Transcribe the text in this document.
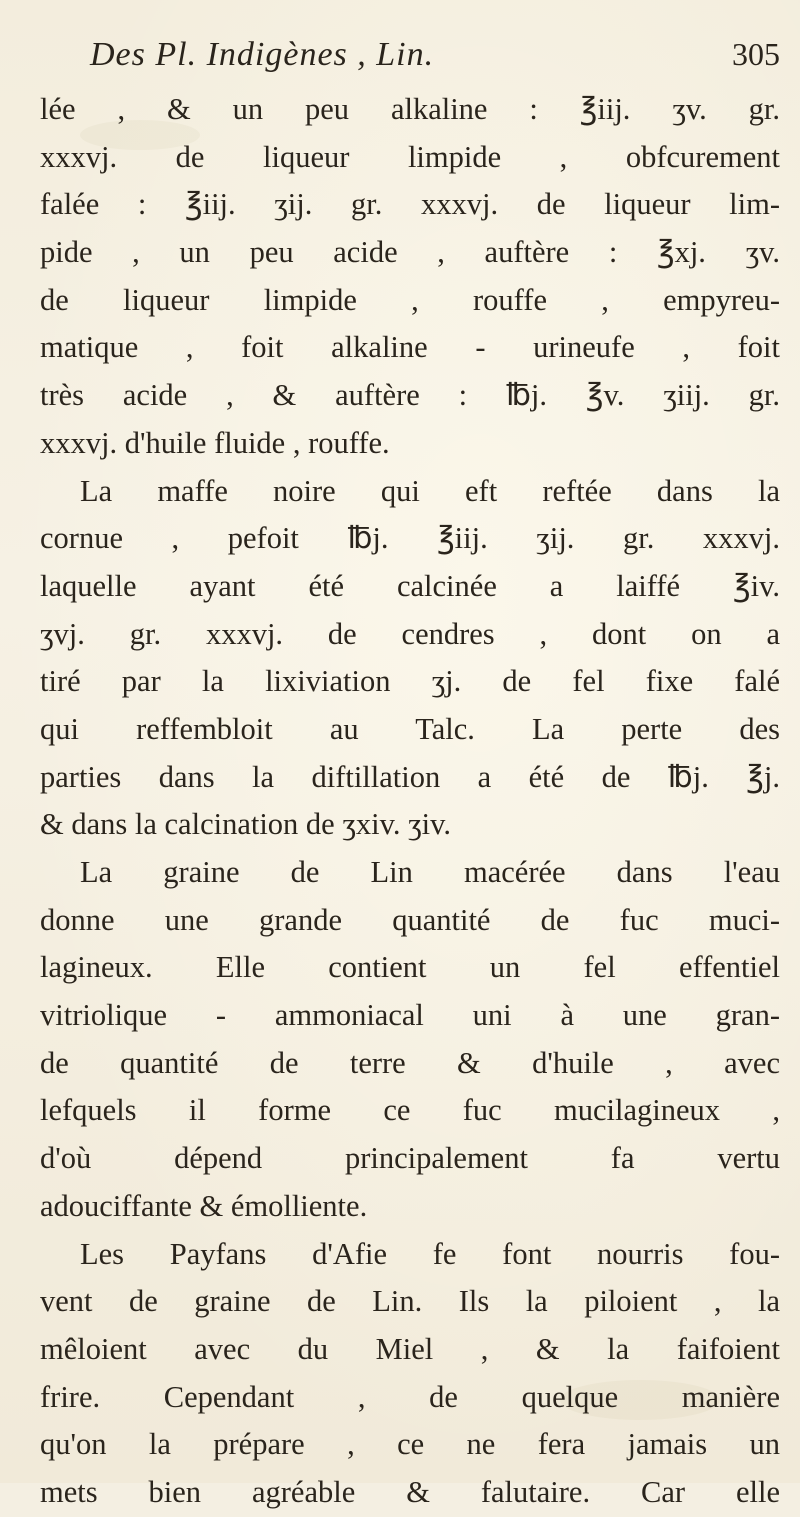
Des Pl. Indigènes , Lin.	305
lée , & un peu alkaline : ℥iij. ʒv. gr.
xxxvj. de liqueur limpide , obfcurement
falée : ℥iij. ʒij. gr. xxxvj. de liqueur lim-
pide , un peu acide , auftère : ℥xj. ʒv.
de liqueur limpide , rouffe , empyreu-
matique , foit alkaline - urineufe , foit
très acide , & auftère : ℔j. ℥v. ʒiij. gr.
xxxvj. d'huile fluide , rouffe.
La maffe noire qui eft reftée dans la
cornue , pefoit ℔j. ℥iij. ʒij. gr. xxxvj.
laquelle ayant été calcinée a laiffé ℥iv.
ʒvj. gr. xxxvj. de cendres , dont on a
tiré par la lixiviation ʒj. de fel fixe falé
qui reffembloit au Talc. La perte des
parties dans la diftillation a été de ℔j. ℥j.
& dans la calcination de ʒxiv. ʒiv.
La graine de Lin macérée dans l'eau
donne une grande quantité de fuc muci-
lagineux. Elle contient un fel effentiel
vitriolique - ammoniacal uni à une gran-
de quantité de terre & d'huile , avec
lefquels il forme ce fuc mucilagineux ,
d'où dépend principalement fa vertu
adouciffante & émolliente.
Les Payfans d'Afie fe font nourris fou-
vent de graine de Lin. Ils la piloient , la
mêloient avec du Miel , & la faifoient
frire. Cependant , de quelque manière
qu'on la prépare , ce ne fera jamais un
mets bien agréable & falutaire. Car elle
